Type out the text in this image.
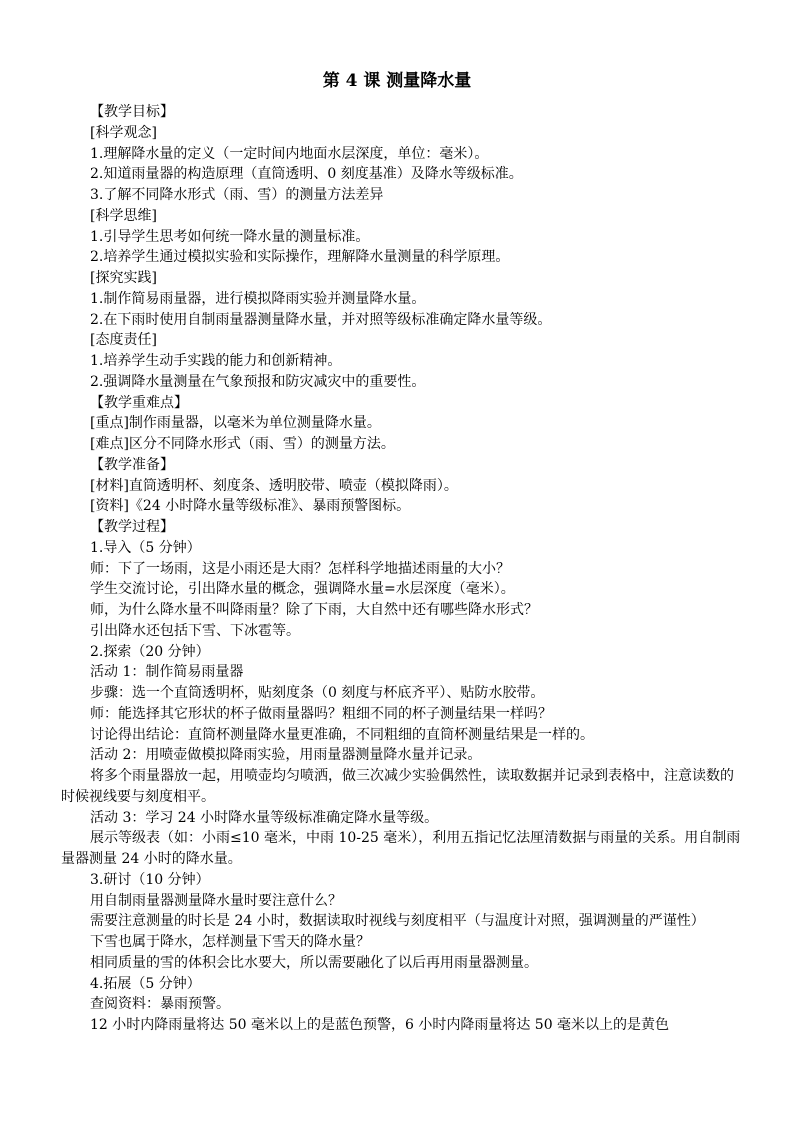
第 4 课 测量降水量
【教学目标】
[科学观念]
1.理解降水量的定义（一定时间内地面水层深度，单位：毫米）。
2.知道雨量器的构造原理（直筒透明、0 刻度基准）及降水等级标准。
3.了解不同降水形式（雨、雪）的测量方法差异
[科学思维]
1.引导学生思考如何统一降水量的测量标准。
2.培养学生通过模拟实验和实际操作，理解降水量测量的科学原理。
[探究实践]
1.制作简易雨量器，进行模拟降雨实验并测量降水量。
2.在下雨时使用自制雨量器测量降水量，并对照等级标准确定降水量等级。
[态度责任]
1.培养学生动手实践的能力和创新精神。
2.强调降水量测量在气象预报和防灾减灾中的重要性。
【教学重难点】
[重点]制作雨量器，以毫米为单位测量降水量。
[难点]区分不同降水形式（雨、雪）的测量方法。
【教学准备】
[材料]直筒透明杯、刻度条、透明胶带、喷壶（模拟降雨）。
[资料]《24 小时降水量等级标准》、暴雨预警图标。
【教学过程】
1.导入（5 分钟）
师：下了一场雨，这是小雨还是大雨？怎样科学地描述雨量的大小？
学生交流讨论，引出降水量的概念，强调降水量=水层深度（毫米）。
师，为什么降水量不叫降雨量？除了下雨，大自然中还有哪些降水形式？
引出降水还包括下雪、下冰雹等。
2.探索（20 分钟）
活动 1：制作简易雨量器
步骤：选一个直筒透明杯，贴刻度条（0 刻度与杯底齐平）、贴防水胶带。
师：能选择其它形状的杯子做雨量器吗？粗细不同的杯子测量结果一样吗？
讨论得出结论：直筒杯测量降水量更准确，不同粗细的直筒杯测量结果是一样的。
活动 2：用喷壶做模拟降雨实验，用雨量器测量降水量并记录。
将多个雨量器放一起，用喷壶均匀喷洒，做三次减少实验偶然性，读取数据并记录到表格中，注意读数的时候视线要与刻度相平。
活动 3：学习 24 小时降水量等级标准确定降水量等级。
展示等级表（如：小雨≤10 毫米，中雨 10-25 毫米），利用五指记忆法厘清数据与雨量的关系。用自制雨量器测量 24 小时的降水量。
3.研讨（10 分钟）
用自制雨量器测量降水量时要注意什么？
需要注意测量的时长是 24 小时，数据读取时视线与刻度相平（与温度计对照，强调测量的严谨性）
下雪也属于降水，怎样测量下雪天的降水量？
相同质量的雪的体积会比水要大，所以需要融化了以后再用雨量器测量。
4.拓展（5 分钟）
查阅资料：暴雨预警。
12 小时内降雨量将达 50 毫米以上的是蓝色预警，6 小时内降雨量将达 50 毫米以上的是黄色
